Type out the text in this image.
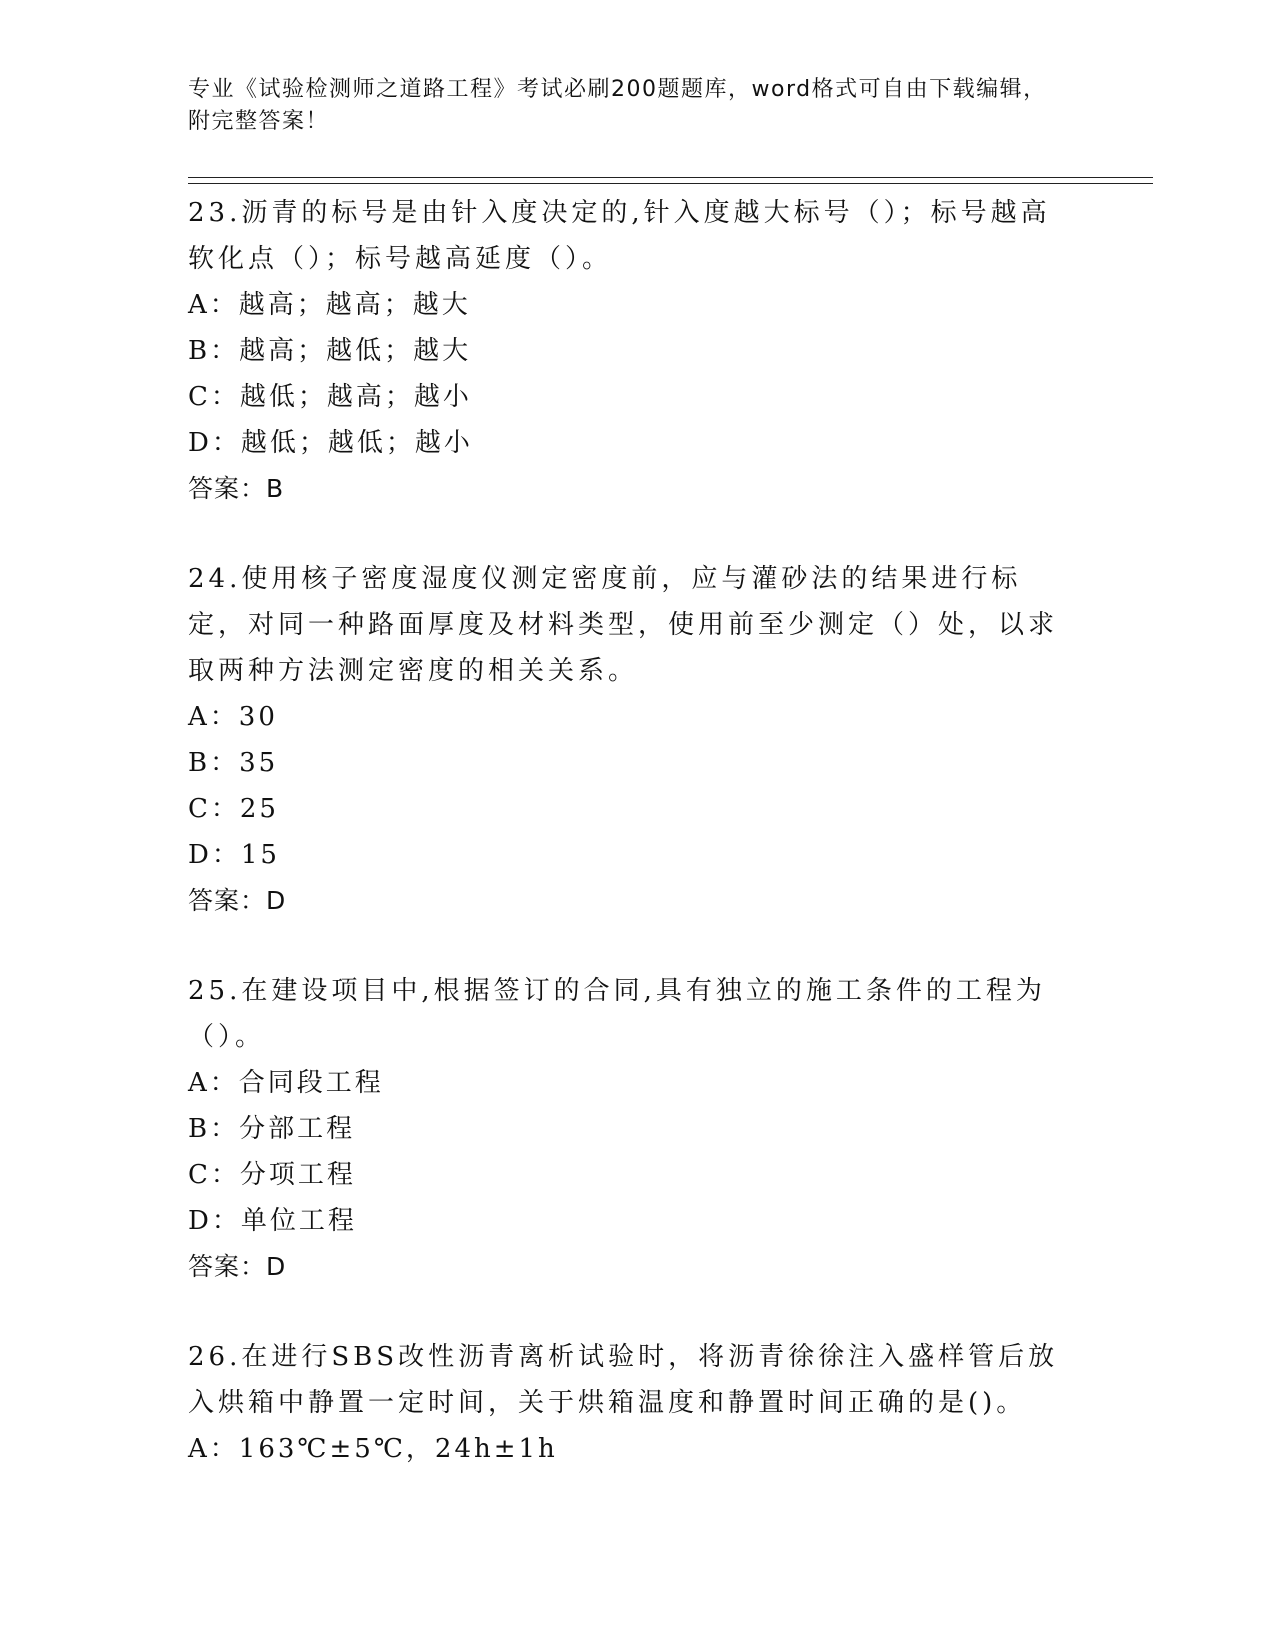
专业《试验检测师之道路工程》考试必刷200题题库，word格式可自由下载编辑，附完整答案！
23.沥青的标号是由针入度决定的,针入度越大标号（）；标号越高软化点（）；标号越高延度（）。
A：越高；越高；越大
B：越高；越低；越大
C：越低；越高；越小
D：越低；越低；越小
答案：B
24.使用核子密度湿度仪测定密度前，应与灌砂法的结果进行标定，对同一种路面厚度及材料类型，使用前至少测定（）处，以求取两种方法测定密度的相关关系。
A：30
B：35
C：25
D：15
答案：D
25.在建设项目中,根据签订的合同,具有独立的施工条件的工程为（）。
A：合同段工程
B：分部工程
C：分项工程
D：单位工程
答案：D
26.在进行SBS改性沥青离析试验时，将沥青徐徐注入盛样管后放入烘箱中静置一定时间，关于烘箱温度和静置时间正确的是()。
A：163℃±5℃，24h±1h
